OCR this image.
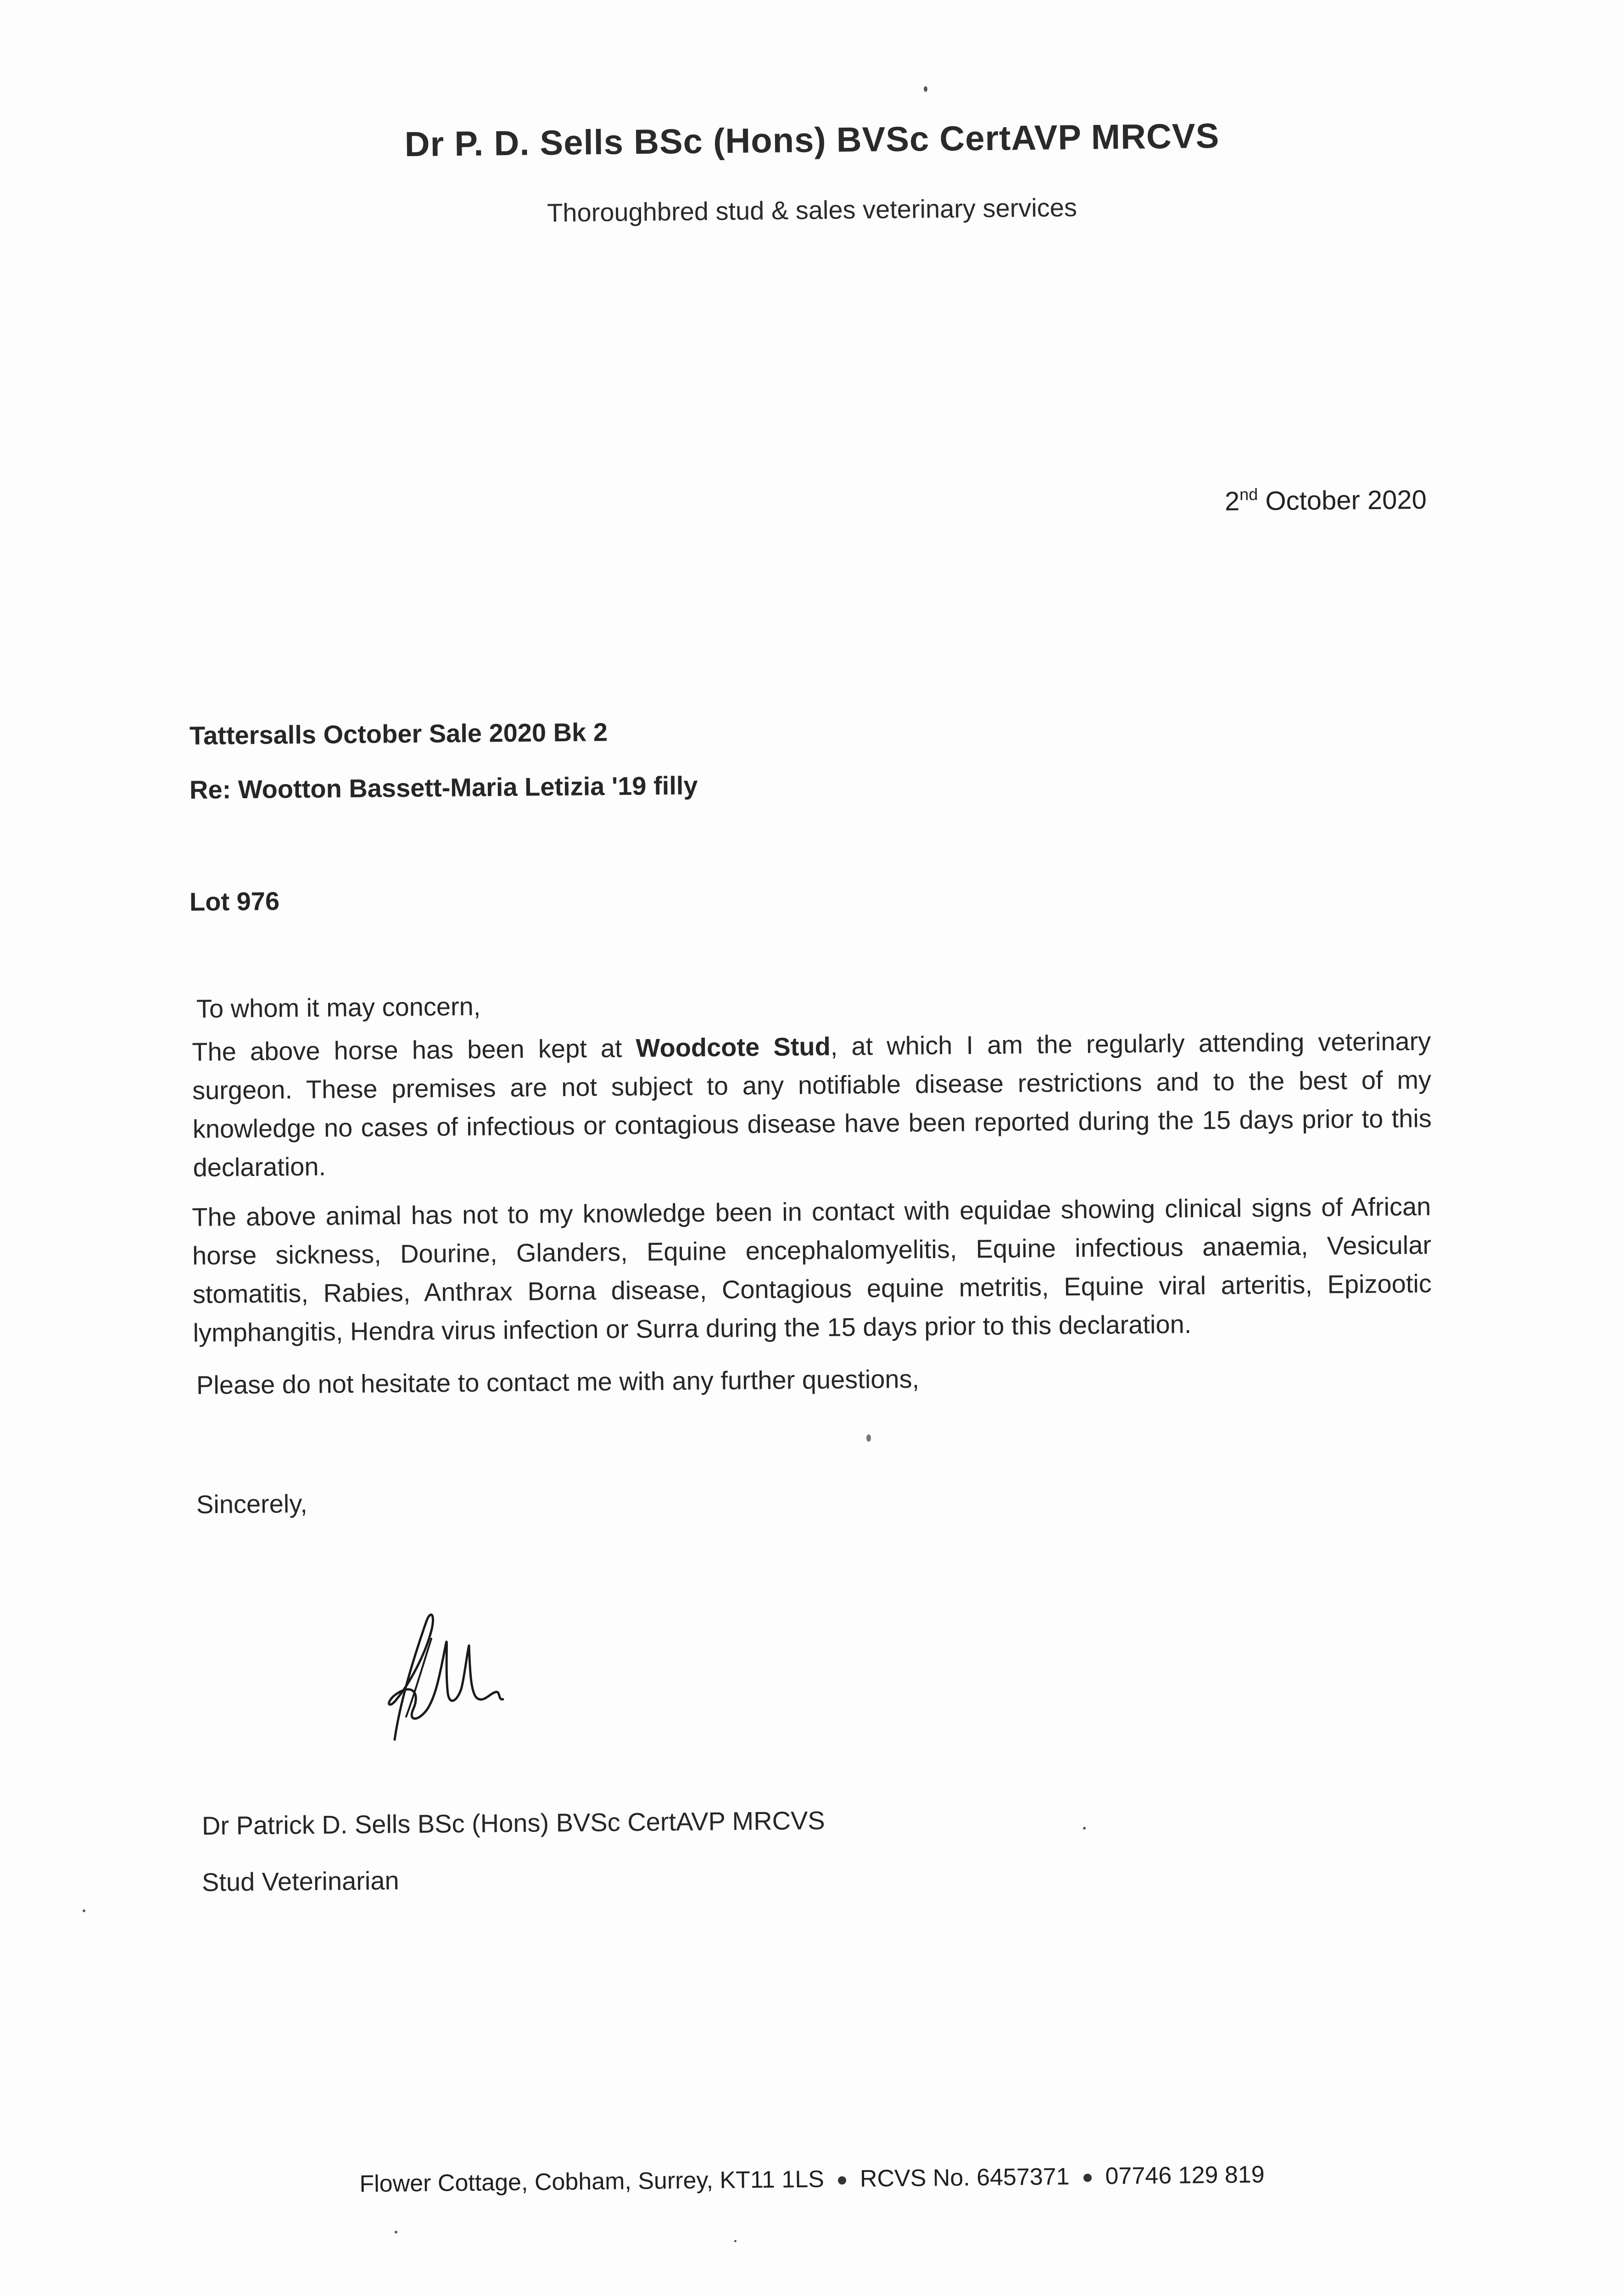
Dr P. D. Sells BSc (Hons) BVSc CertAVP MRCVS
Thoroughbred stud & sales veterinary services
2nd October 2020
Tattersalls October Sale 2020 Bk 2
Re: Wootton Bassett-Maria Letizia '19 filly
Lot 976
To whom it may concern,
The above horse has been kept at Woodcote Stud, at which I am the regularly attending veterinary surgeon. These premises are not subject to any notifiable disease restrictions and to the best of my knowledge no cases of infectious or contagious disease have been reported during the 15 days prior to this declaration.
The above animal has not to my knowledge been in contact with equidae showing clinical signs of African horse sickness, Dourine, Glanders, Equine encephalomyelitis, Equine infectious anaemia, Vesicular stomatitis, Rabies, Anthrax Borna disease, Contagious equine metritis, Equine viral arteritis, Epizootic lymphangitis, Hendra virus infection or Surra during the 15 days prior to this declaration.
Please do not hesitate to contact me with any further questions,
Sincerely,
Dr Patrick D. Sells BSc (Hons) BVSc CertAVP MRCVS
Stud Veterinarian
Flower Cottage, Cobham, Surrey, KT11 1LS RCVS No. 6457371 07746 129 819
